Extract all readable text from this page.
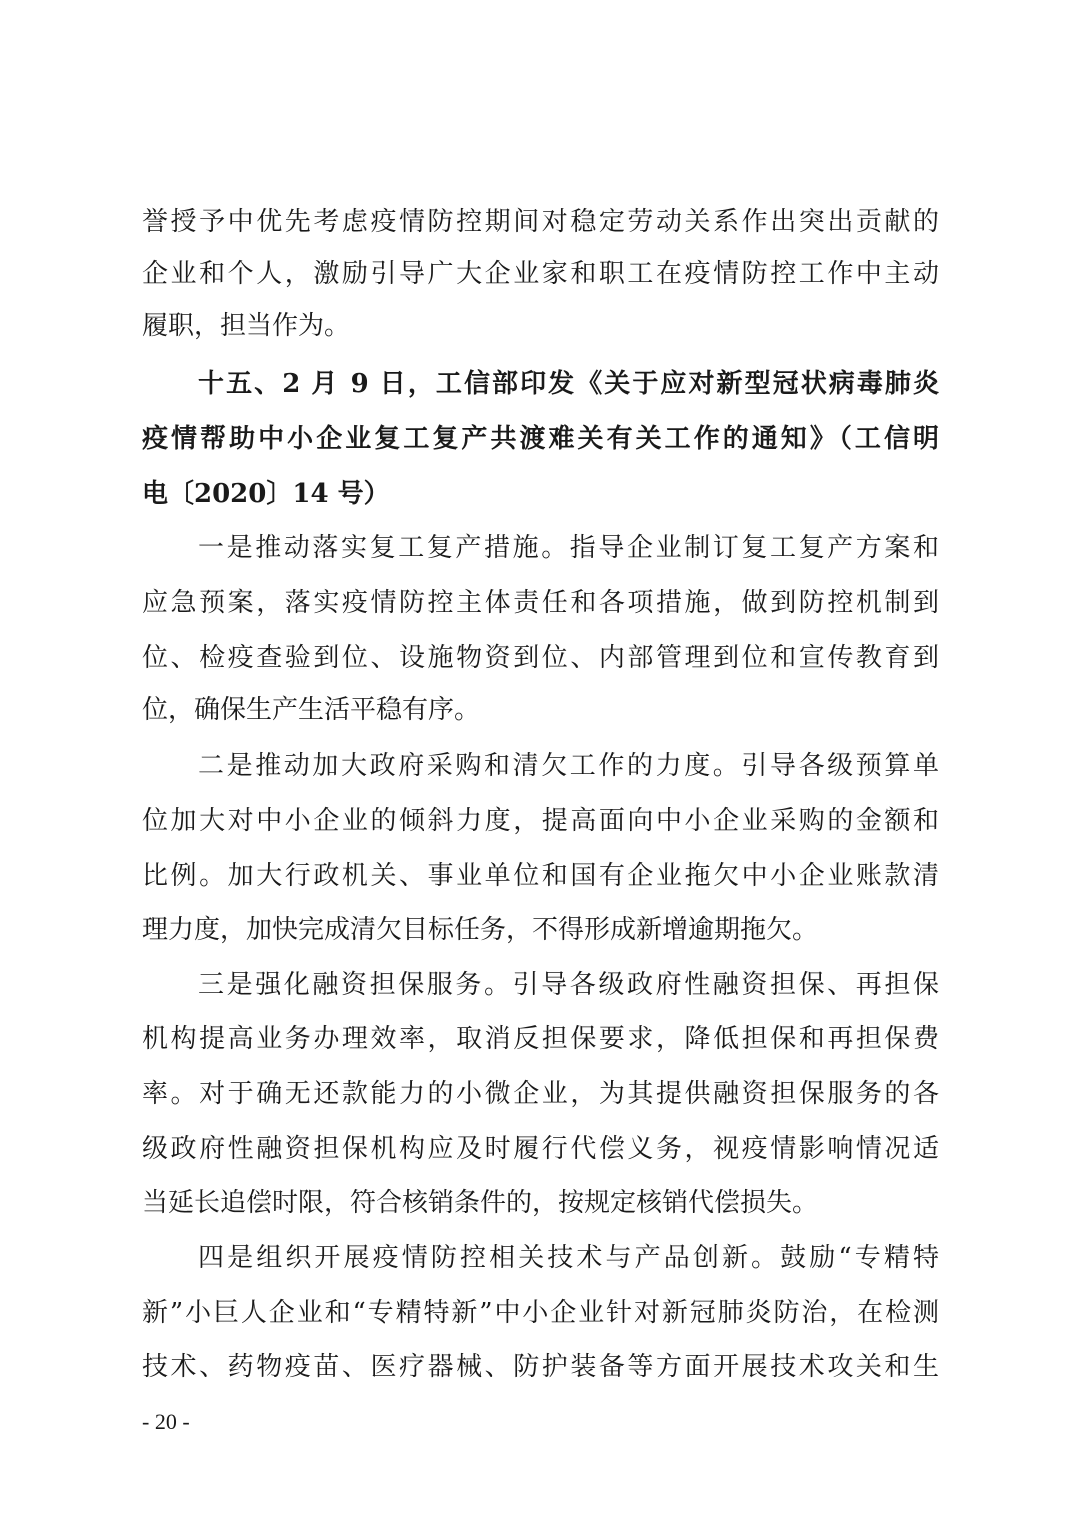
誉授予中优先考虑疫情防控期间对稳定劳动关系作出突出贡献的
企业和个人，激励引导广大企业家和职工在疫情防控工作中主动
履职，担当作为。
十五、2 月 9 日，工信部印发《关于应对新型冠状病毒肺炎
疫情帮助中小企业复工复产共渡难关有关工作的通知》（工信明
电〔2020〕14 号）
一是推动落实复工复产措施。指导企业制订复工复产方案和
应急预案，落实疫情防控主体责任和各项措施，做到防控机制到
位、检疫查验到位、设施物资到位、内部管理到位和宣传教育到
位，确保生产生活平稳有序。
二是推动加大政府采购和清欠工作的力度。引导各级预算单
位加大对中小企业的倾斜力度，提高面向中小企业采购的金额和
比例。加大行政机关、事业单位和国有企业拖欠中小企业账款清
理力度，加快完成清欠目标任务，不得形成新增逾期拖欠。
三是强化融资担保服务。引导各级政府性融资担保、再担保
机构提高业务办理效率，取消反担保要求，降低担保和再担保费
率。对于确无还款能力的小微企业，为其提供融资担保服务的各
级政府性融资担保机构应及时履行代偿义务，视疫情影响情况适
当延长追偿时限，符合核销条件的，按规定核销代偿损失。
四是组织开展疫情防控相关技术与产品创新。鼓励“专精特
新”小巨人企业和“专精特新”中小企业针对新冠肺炎防治，在检测
技术、药物疫苗、医疗器械、防护装备等方面开展技术攻关和生
- 20 -
